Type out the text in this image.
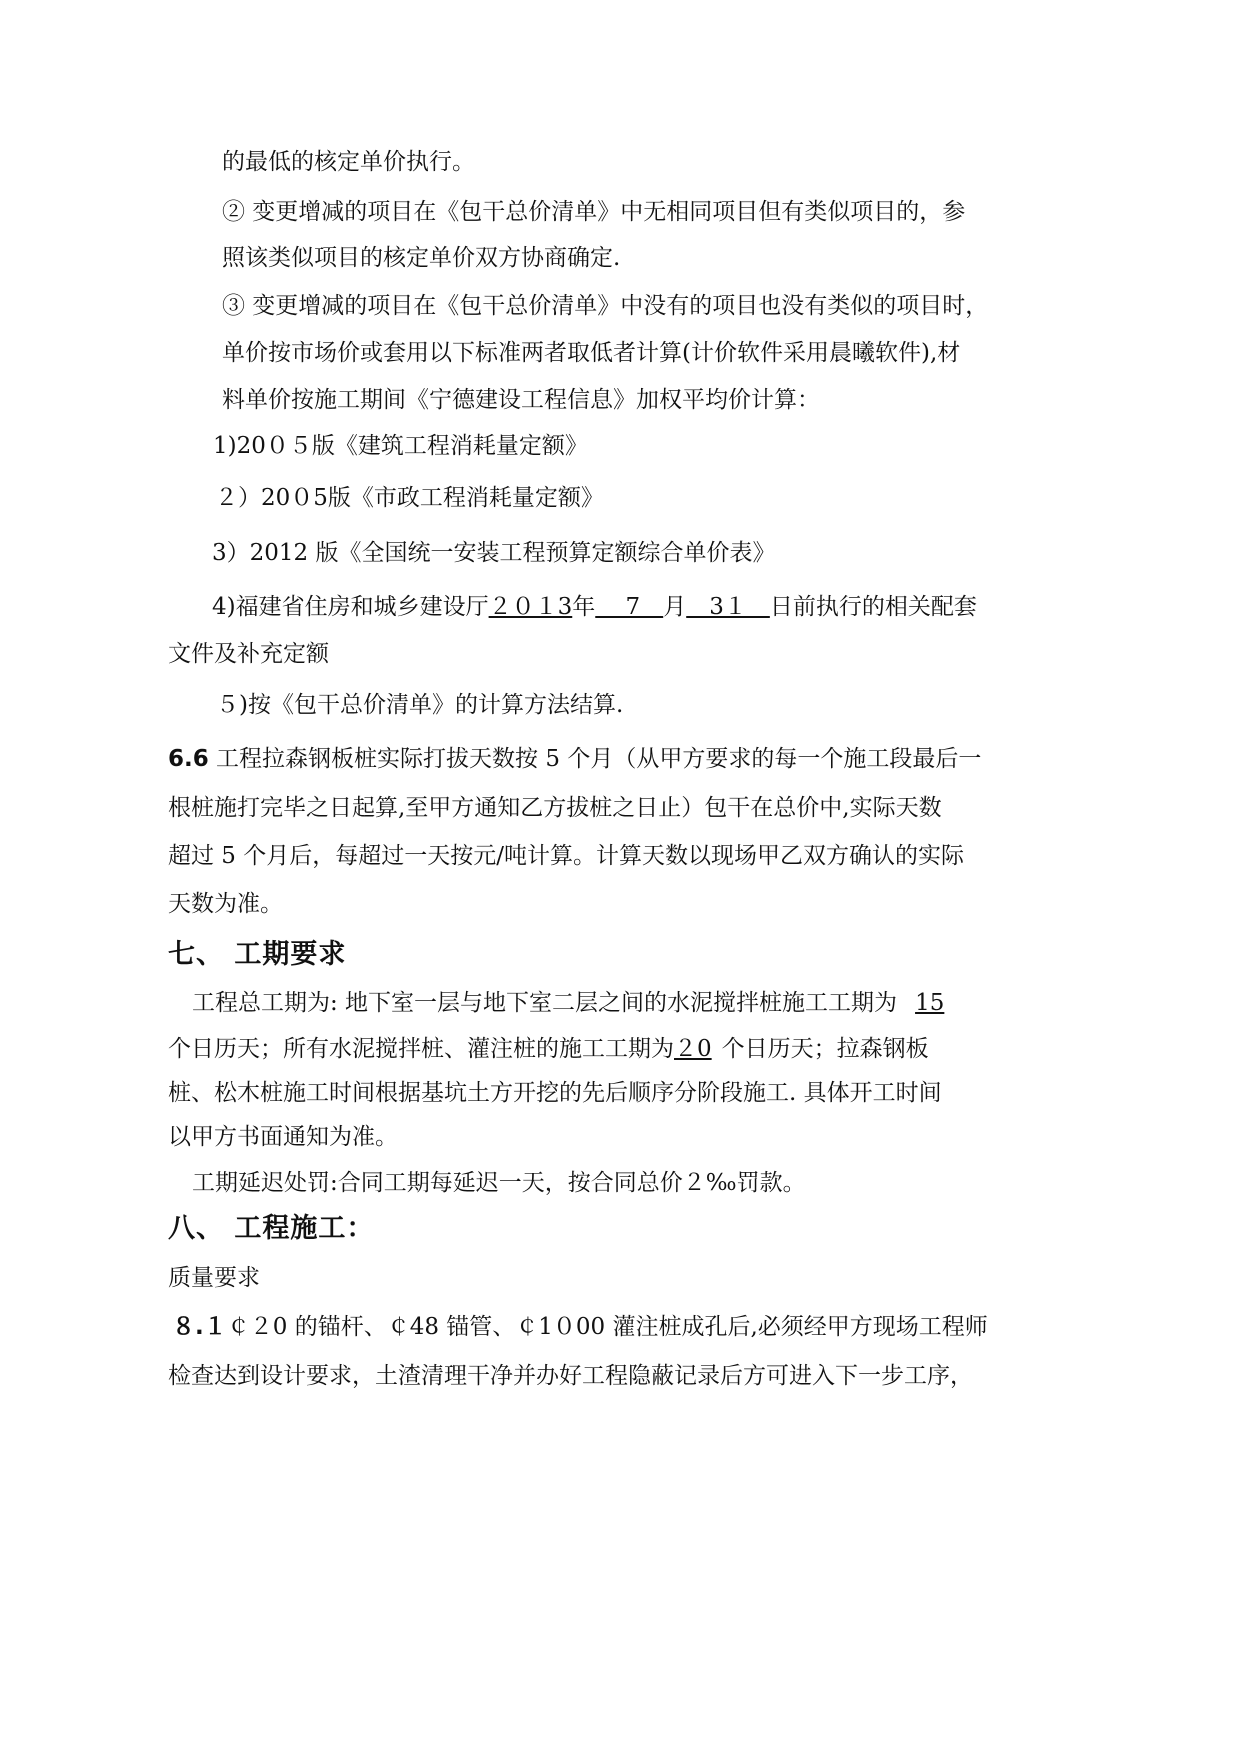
的最低的核定单价执行。
② 变更增减的项目在《包干总价清单》中无相同项目但有类似项目的，参
照该类似项目的核定单价双方协商确定.
③ 变更增减的项目在《包干总价清单》中没有的项目也没有类似的项目时，
单价按市场价或套用以下标准两者取低者计算(计价软件采用晨曦软件),材
料单价按施工期间《宁德建设工程信息》加权平均价计算：
1)20０５版《建筑工程消耗量定额》
２）20０5版《市政工程消耗量定额》
3）2012 版《全国统一安装工程预算定额综合单价表》
4)福建省住房和城乡建设厅２０１3年　 7　月　3１　日前执行的相关配套
文件及补充定额
５)按《包干总价清单》的计算方法结算.
6.6 工程拉森钢板桩实际打拔天数按 5 个月（从甲方要求的每一个施工段最后一
根桩施打完毕之日起算,至甲方通知乙方拔桩之日止）包干在总价中,实际天数
超过 5 个月后，每超过一天按元/吨计算。计算天数以现场甲乙双方确认的实际
天数为准。
七、 工期要求
工程总工期为: 地下室一层与地下室二层之间的水泥搅拌桩施工工期为 15
个日历天；所有水泥搅拌桩、灌注桩的施工工期为２0 个日历天；拉森钢板
桩、松木桩施工时间根据基坑土方开挖的先后顺序分阶段施工. 具体开工时间
以甲方书面通知为准。
工期延迟处罚:合同工期每延迟一天，按合同总价２‰罚款。
八、 工程施工：
质量要求
８.１￠２0 的锚杆、￠48 锚管、￠1０00 灌注桩成孔后,必须经甲方现场工程师
检查达到设计要求，土渣清理干净并办好工程隐蔽记录后方可进入下一步工序，
